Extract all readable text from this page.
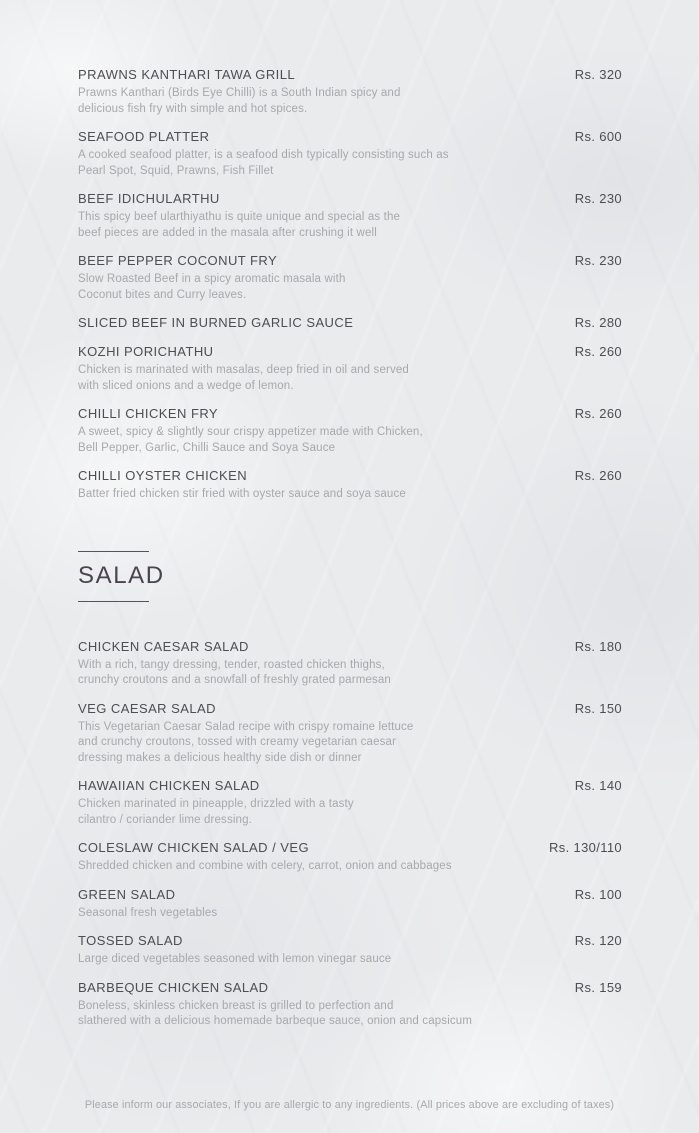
PRAWNS KANTHARI TAWA GRILL	Rs. 320
Prawns Kanthari (Birds Eye Chilli) is a South Indian spicy and
delicious fish fry with simple and hot spices.
SEAFOOD PLATTER	Rs. 600
A cooked seafood platter, is a seafood dish typically consisting such as
Pearl Spot, Squid, Prawns, Fish Fillet
BEEF IDICHULARTHU	Rs. 230
This spicy beef ularthiyathu is quite unique and special as the
beef pieces are added in the masala after crushing it well
BEEF PEPPER COCONUT FRY	Rs. 230
Slow Roasted Beef in a spicy aromatic masala with
Coconut bites and Curry leaves.
SLICED BEEF IN BURNED GARLIC SAUCE	Rs. 280
KOZHI PORICHATHU	Rs. 260
Chicken is marinated with masalas, deep fried in oil and served
with sliced onions and a wedge of lemon.
CHILLI CHICKEN FRY	Rs. 260
A sweet, spicy & slightly sour crispy appetizer made with Chicken,
Bell Pepper, Garlic, Chilli Sauce and Soya Sauce
CHILLI OYSTER CHICKEN	Rs. 260
Batter fried chicken stir fried with oyster sauce and soya sauce
SALAD
CHICKEN CAESAR SALAD	Rs. 180
With a rich, tangy dressing, tender, roasted chicken thighs,
crunchy croutons and a snowfall of freshly grated parmesan
VEG CAESAR SALAD	Rs. 150
This Vegetarian Caesar Salad recipe with crispy romaine lettuce
and crunchy croutons, tossed with creamy vegetarian caesar
dressing makes a delicious healthy side dish or dinner
HAWAIIAN CHICKEN SALAD	Rs. 140
Chicken marinated in pineapple, drizzled with a tasty
cilantro / coriander lime dressing.
COLESLAW CHICKEN SALAD / VEG	Rs. 130/110
Shredded chicken and combine with celery, carrot, onion and cabbages
GREEN SALAD	Rs. 100
Seasonal fresh vegetables
TOSSED SALAD	Rs. 120
Large diced vegetables seasoned with lemon vinegar sauce
BARBEQUE CHICKEN SALAD	Rs. 159
Boneless, skinless chicken breast is grilled to perfection and
slathered with a delicious homemade barbeque sauce, onion and capsicum
Please inform our associates, If you are allergic to any ingredients. (All prices above are excluding of taxes)
